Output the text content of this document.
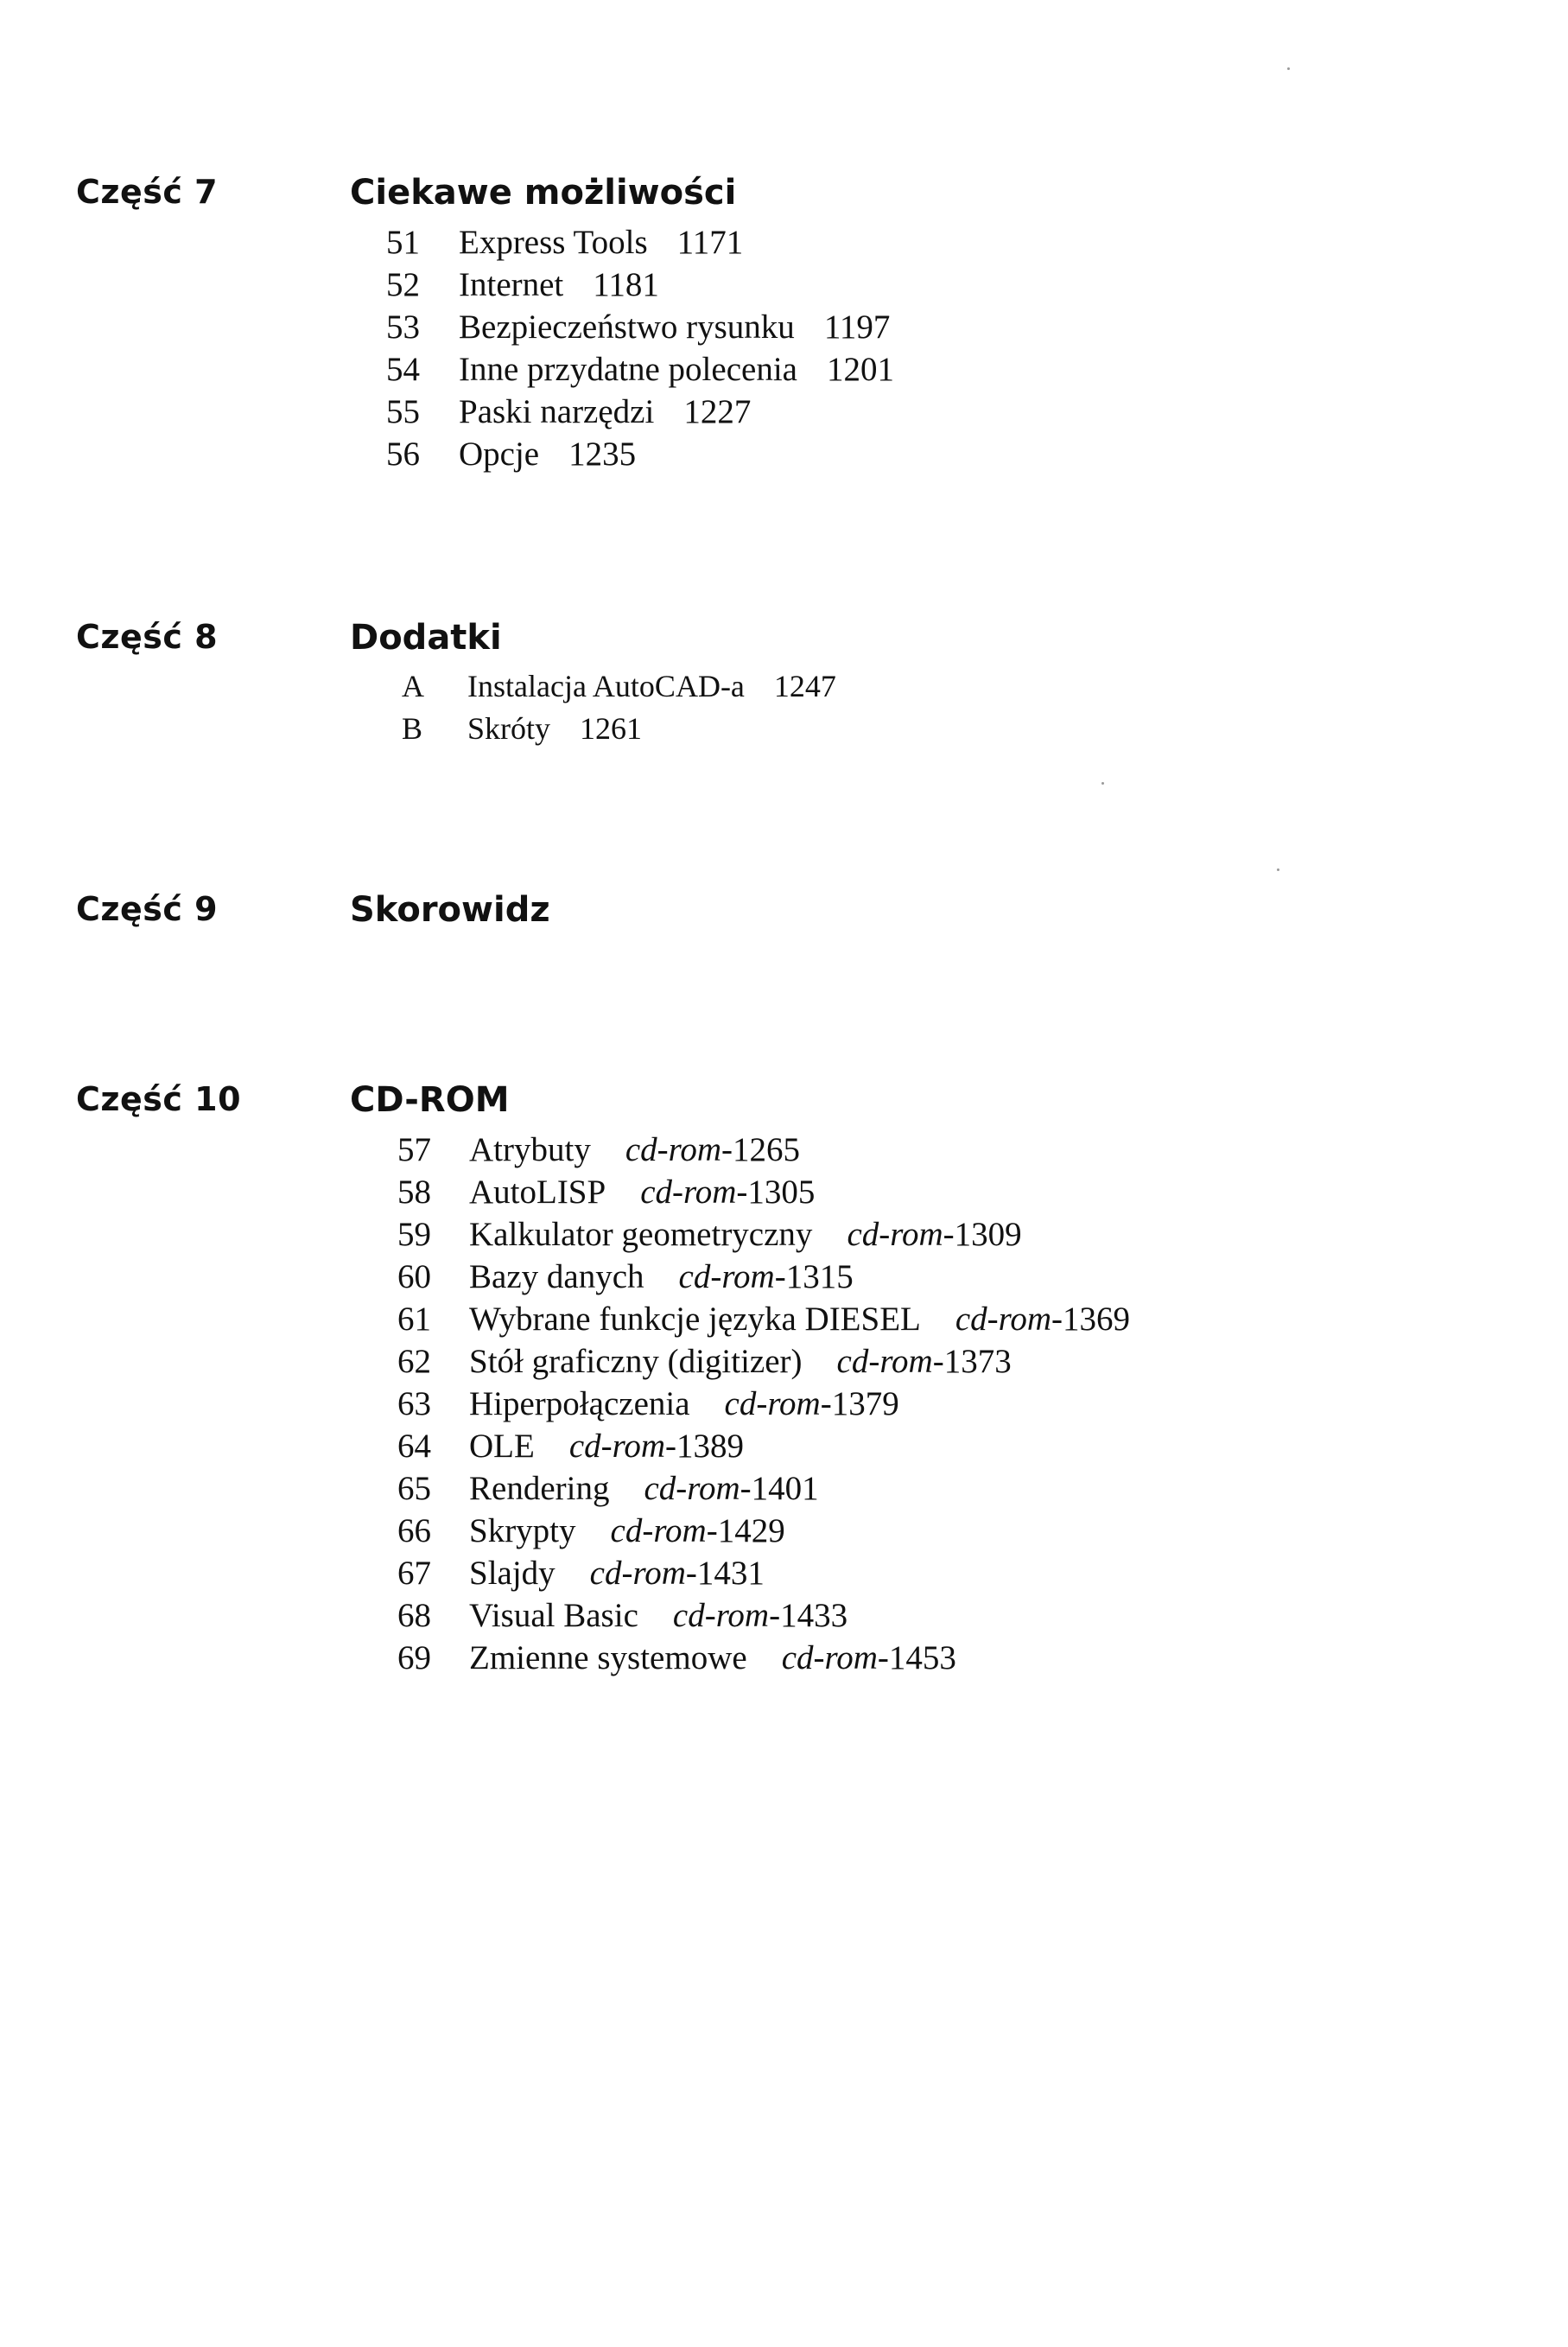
Część 7	Ciekawe możliwości
51 Express Tools 1171
52 Internet 1181
53 Bezpieczeństwo rysunku 1197
54 Inne przydatne polecenia 1201
55 Paski narzędzi 1227
56 Opcje 1235
Część 8	Dodatki
A Instalacja AutoCAD-a 1247
B Skróty 1261
Część 9	Skorowidz
Część 10	CD-ROM
57 Atrybuty cd-rom-1265
58 AutoLISP cd-rom-1305
59 Kalkulator geometryczny cd-rom-1309
60 Bazy danych cd-rom-1315
61 Wybrane funkcje języka DIESEL cd-rom-1369
62 Stół graficzny (digitizer) cd-rom-1373
63 Hiperpołączenia cd-rom-1379
64 OLE cd-rom-1389
65 Rendering cd-rom-1401
66 Skrypty cd-rom-1429
67 Slajdy cd-rom-1431
68 Visual Basic cd-rom-1433
69 Zmienne systemowe cd-rom-1453
